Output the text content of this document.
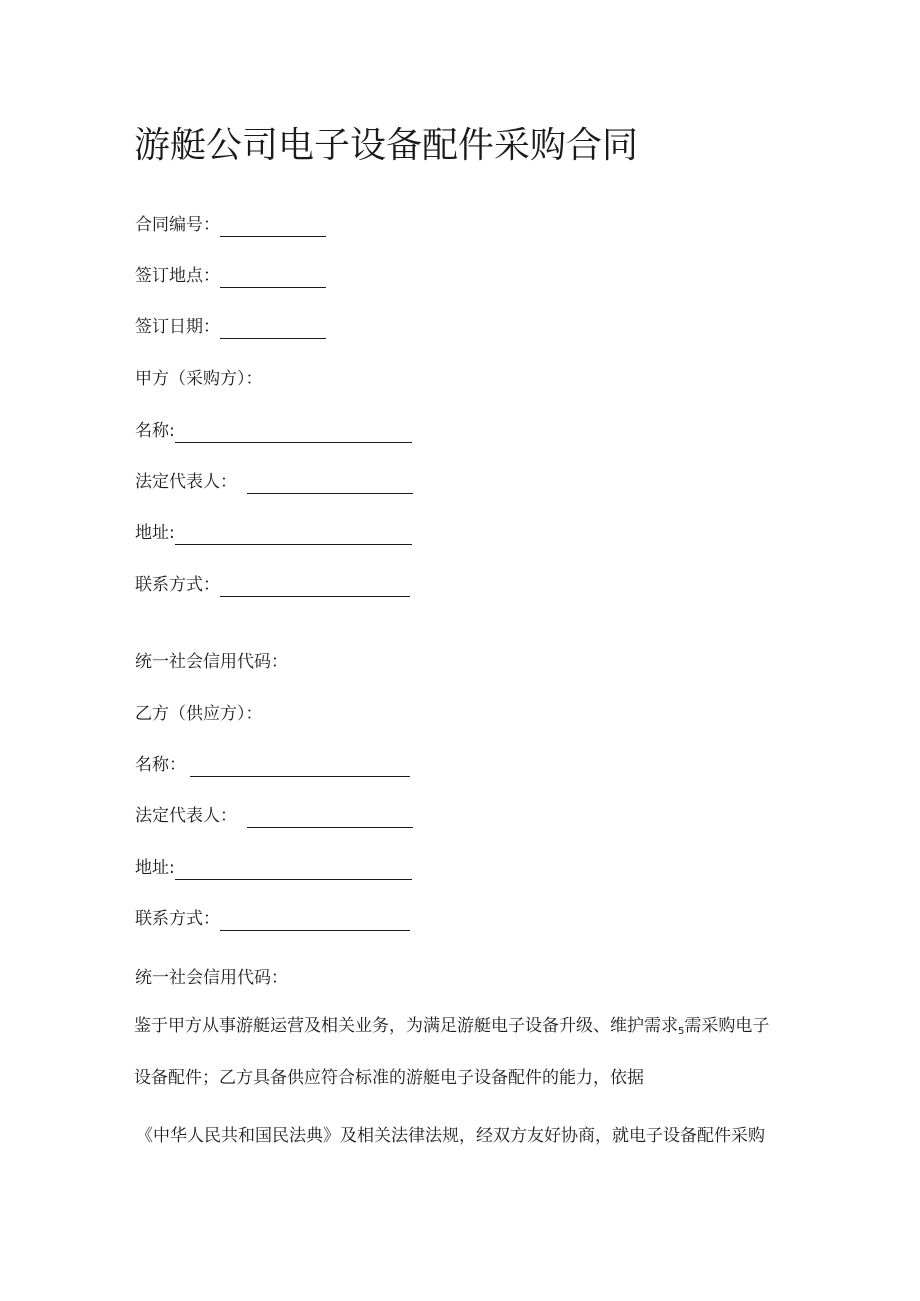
游艇公司电子设备配件采购合同
合同编号：
签订地点：
签订日期：
甲方（采购方）：
名称:
法定代表人：
地址:
联系方式：
统一社会信用代码：
乙方（供应方）：
名称：
法定代表人：
地址:
联系方式：
统一社会信用代码：
鉴于甲方从事游艇运营及相关业务，为满足游艇电子设备升级、维护需求$_5$需采购电子
设备配件；乙方具备供应符合标准的游艇电子设备配件的能力，依据
《中华人民共和国民法典》及相关法律法规，经双方友好协商，就电子设备配件采购
